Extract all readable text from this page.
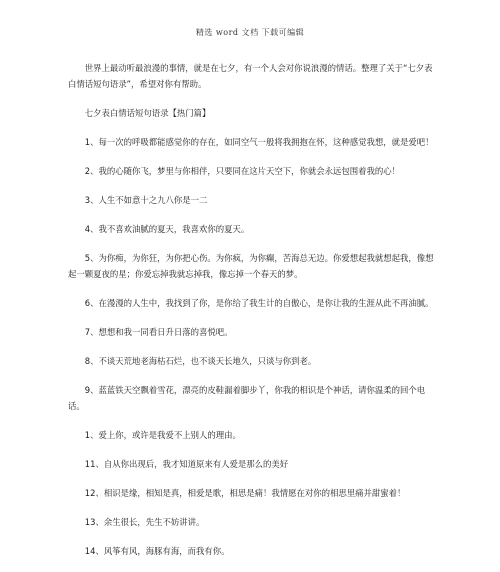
精选 word 文档 下载可编辑

世界上最动听最浪漫的事情，就是在七夕，有一个人会对你说浪漫的情话。整理了关于“七夕表白情话短句语录”，希望对你有帮助。

七夕表白情话短句语录【热门篇】

1、每一次的呼吸都能感觉你的存在，如同空气一般将我拥抱在怀，这种感觉我想，就是爱吧！

2、我的心随你飞，梦里与你相伴，只要同在这片天空下，你就会永远包围着我的心！

3、人生不如意十之九八你是一二

4、我不喜欢油腻的夏天，我喜欢你的夏天。

5、为你痴，为你狂，为你把心伤。为你疯，为你癫，苦海总无边。你爱想起我就想起我，像想起一颗夏夜的星；你爱忘掉我就忘掉我，像忘掉一个春天的梦。

6、在漫漫的人生中，我找到了你，是你给了我生计的自傲心，是你让我的生涯从此不再油腻。

7、想想和我一同看日升日落的喜悦吧。

8、不谈天荒地老海枯石烂，也不谈天长地久，只谈与你到老。

9、蓝蓝铁天空飘着雪花，漂亮的皮鞋漏着脚步丫，你我的相识是个神话，请你温柔的回个电话。

1、爱上你，或许是我爱不上别人的理由。

11、自从你出现后，我才知道原来有人爱是那么的美好

12、相识是缘，相知是真，相爱是歌，相思是痛！我情愿在对你的相思里痛并甜蜜着！

13、余生很长，先生不妨讲讲。

14、风筝有风，海豚有海，而我有你。
